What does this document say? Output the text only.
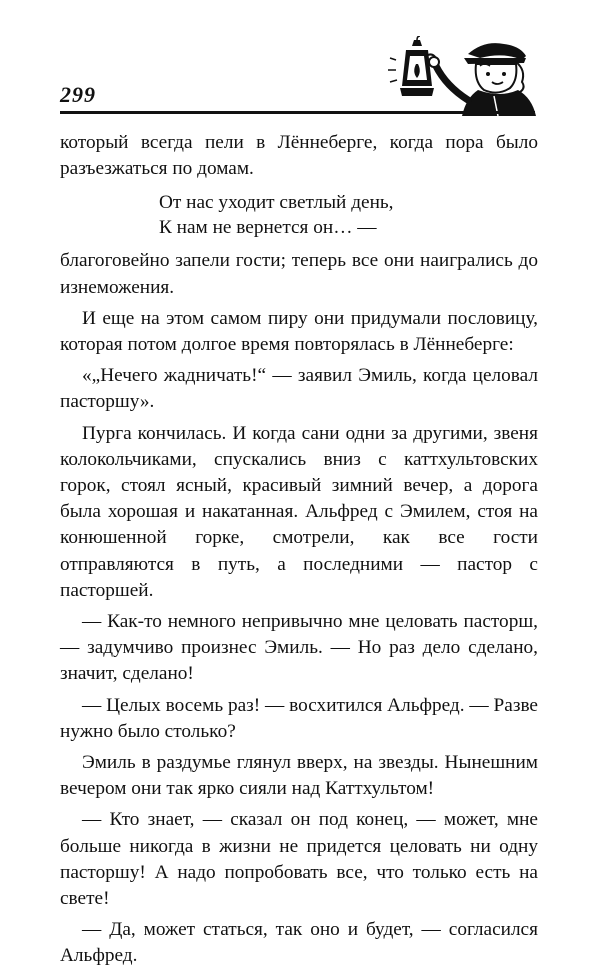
299

который всегда пели в Лённеберге, когда пора было разъезжаться по домам.

От нас уходит светлый день,
К нам не вернется он… —

благоговейно запели гости; теперь все они наигрались до изнеможения.

И еще на этом самом пиру они придумали пословицу, которая потом долгое время повторялась в Лённеберге:

«„Нечего жадничать!“ — заявил Эмиль, когда целовал пасторшу».

Пурга кончилась. И когда сани одни за другими, звеня колокольчиками, спускались вниз с каттхультовских горок, стоял ясный, красивый зимний вечер, а дорога была хорошая и накатанная. Альфред с Эмилем, стоя на конюшенной горке, смотрели, как все гости отправляются в путь, а последними — пастор с пасторшей.

— Как-то немного непривычно мне целовать пасторш, — задумчиво произнес Эмиль. — Но раз дело сделано, значит, сделано!

— Целых восемь раз! — восхитился Альфред. — Разве нужно было столько?

Эмиль в раздумье глянул вверх, на звезды. Нынешним вечером они так ярко сияли над Каттхультом!

— Кто знает, — сказал он под конец, — может, мне больше никогда в жизни не придется целовать ни одну пасторшу! А надо попробовать все, что только есть на свете!

— Да, может статься, так оно и будет, — согласился Альфред.
